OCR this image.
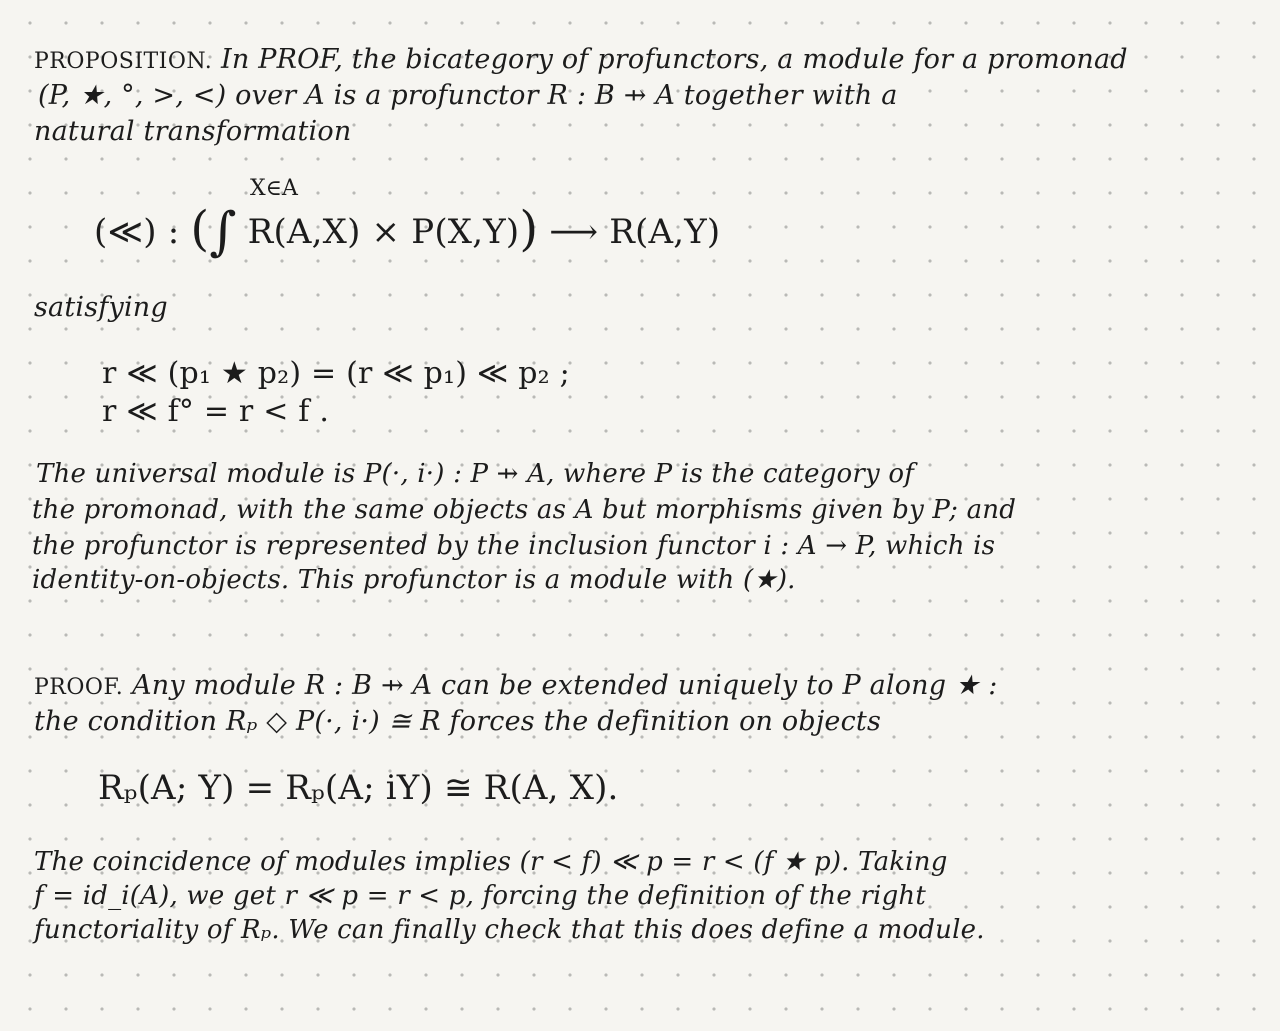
PROPOSITION. In PROF, the bicategory of profunctors, a module for a promonad
(P, ★, °, >, <) over A is a profunctor R : B ⇸ A together with a
natural transformation
X∈A
(≪) : (∫ R(A,X) × P(X,Y)) ⟶ R(A,Y)
satisfying
r ≪ (p₁ ★ p₂) = (r ≪ p₁) ≪ p₂ ;
r ≪ f° = r < f .
The universal module is P(·, i·) : P ⇸ A, where P is the category of
the promonad, with the same objects as A but morphisms given by P; and
the profunctor is represented by the inclusion functor i : A → P, which is
identity-on-objects. This profunctor is a module with (★).
PROOF. Any module R : B ⇸ A can be extended uniquely to P along ★ :
the condition Rₚ ◇ P(·, i·) ≅ R forces the definition on objects
Rₚ(A; Y) = Rₚ(A; iY) ≅ R(A, X).
The coincidence of modules implies (r < f) ≪ p = r < (f ★ p). Taking
f = id_i(A), we get r ≪ p = r < p, forcing the definition of the right
functoriality of Rₚ. We can finally check that this does define a module.
